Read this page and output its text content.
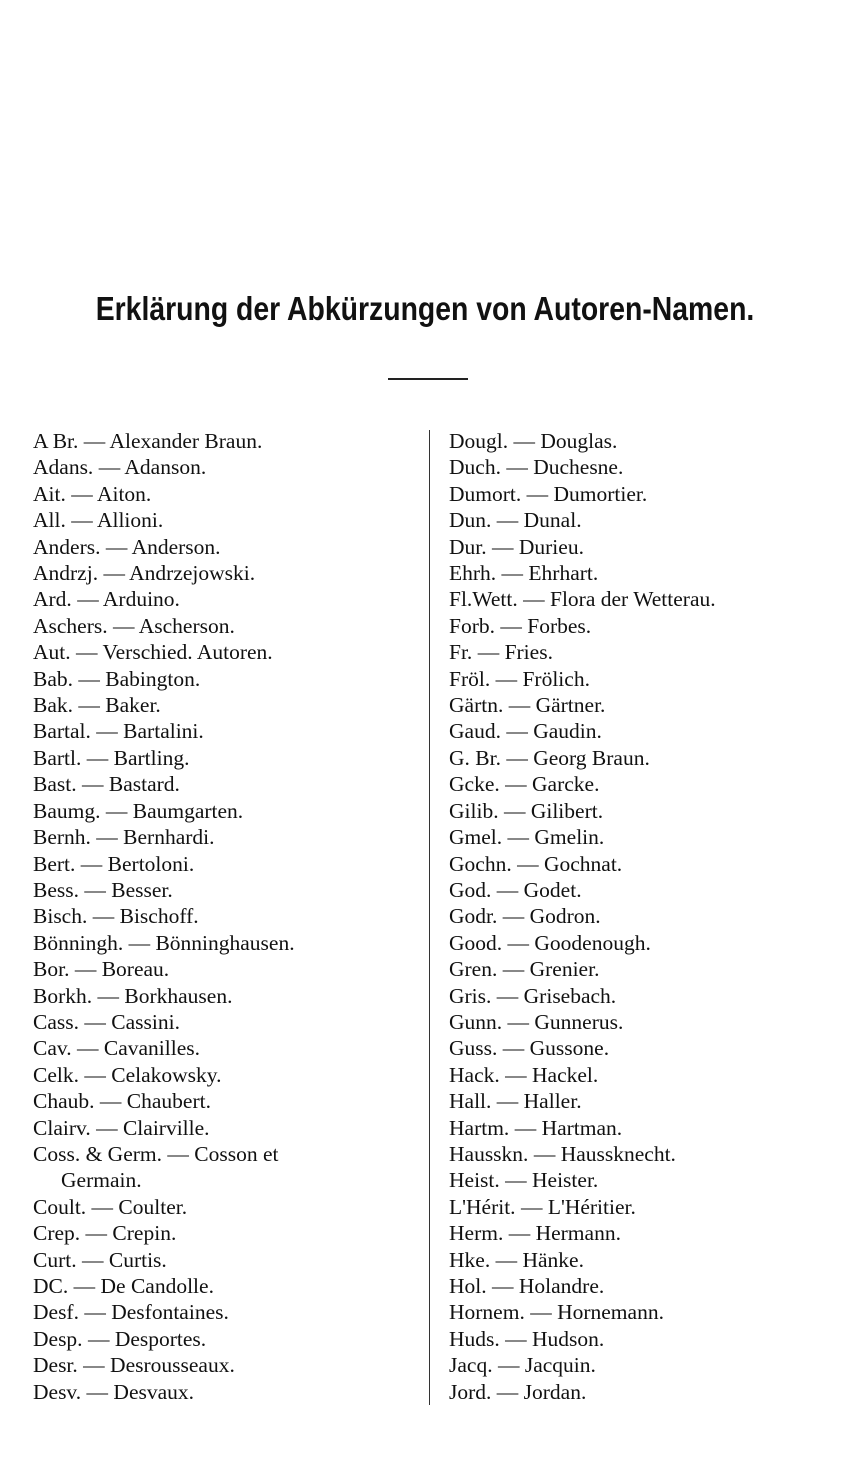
Erklärung der Abkürzungen von Autoren-Namen.
A Br. — Alexander Braun.
Adans. — Adanson.
Ait. — Aiton.
All. — Allioni.
Anders. — Anderson.
Andrzj. — Andrzejowski.
Ard. — Arduino.
Aschers. — Ascherson.
Aut. — Verschied. Autoren.
Bab. — Babington.
Bak. — Baker.
Bartal. — Bartalini.
Bartl. — Bartling.
Bast. — Bastard.
Baumg. — Baumgarten.
Bernh. — Bernhardi.
Bert. — Bertoloni.
Bess. — Besser.
Bisch. — Bischoff.
Bönningh. — Bönninghausen.
Bor. — Boreau.
Borkh. — Borkhausen.
Cass. — Cassini.
Cav. — Cavanilles.
Celk. — Celakowsky.
Chaub. — Chaubert.
Clairv. — Clairville.
Coss. & Germ. — Cosson et
Germain.
Coult. — Coulter.
Crep. — Crepin.
Curt. — Curtis.
DC. — De Candolle.
Desf. — Desfontaines.
Desp. — Desportes.
Desr. — Desrousseaux.
Desv. — Desvaux.
Dougl. — Douglas.
Duch. — Duchesne.
Dumort. — Dumortier.
Dun. — Dunal.
Dur. — Durieu.
Ehrh. — Ehrhart.
Fl.Wett. — Flora der Wetterau.
Forb. — Forbes.
Fr. — Fries.
Fröl. — Frölich.
Gärtn. — Gärtner.
Gaud. — Gaudin.
G. Br. — Georg Braun.
Gcke. — Garcke.
Gilib. — Gilibert.
Gmel. — Gmelin.
Gochn. — Gochnat.
God. — Godet.
Godr. — Godron.
Good. — Goodenough.
Gren. — Grenier.
Gris. — Grisebach.
Gunn. — Gunnerus.
Guss. — Gussone.
Hack. — Hackel.
Hall. — Haller.
Hartm. — Hartman.
Hausskn. — Haussknecht.
Heist. — Heister.
L'Hérit. — L'Héritier.
Herm. — Hermann.
Hke. — Hänke.
Hol. — Holandre.
Hornem. — Hornemann.
Huds. — Hudson.
Jacq. — Jacquin.
Jord. — Jordan.
